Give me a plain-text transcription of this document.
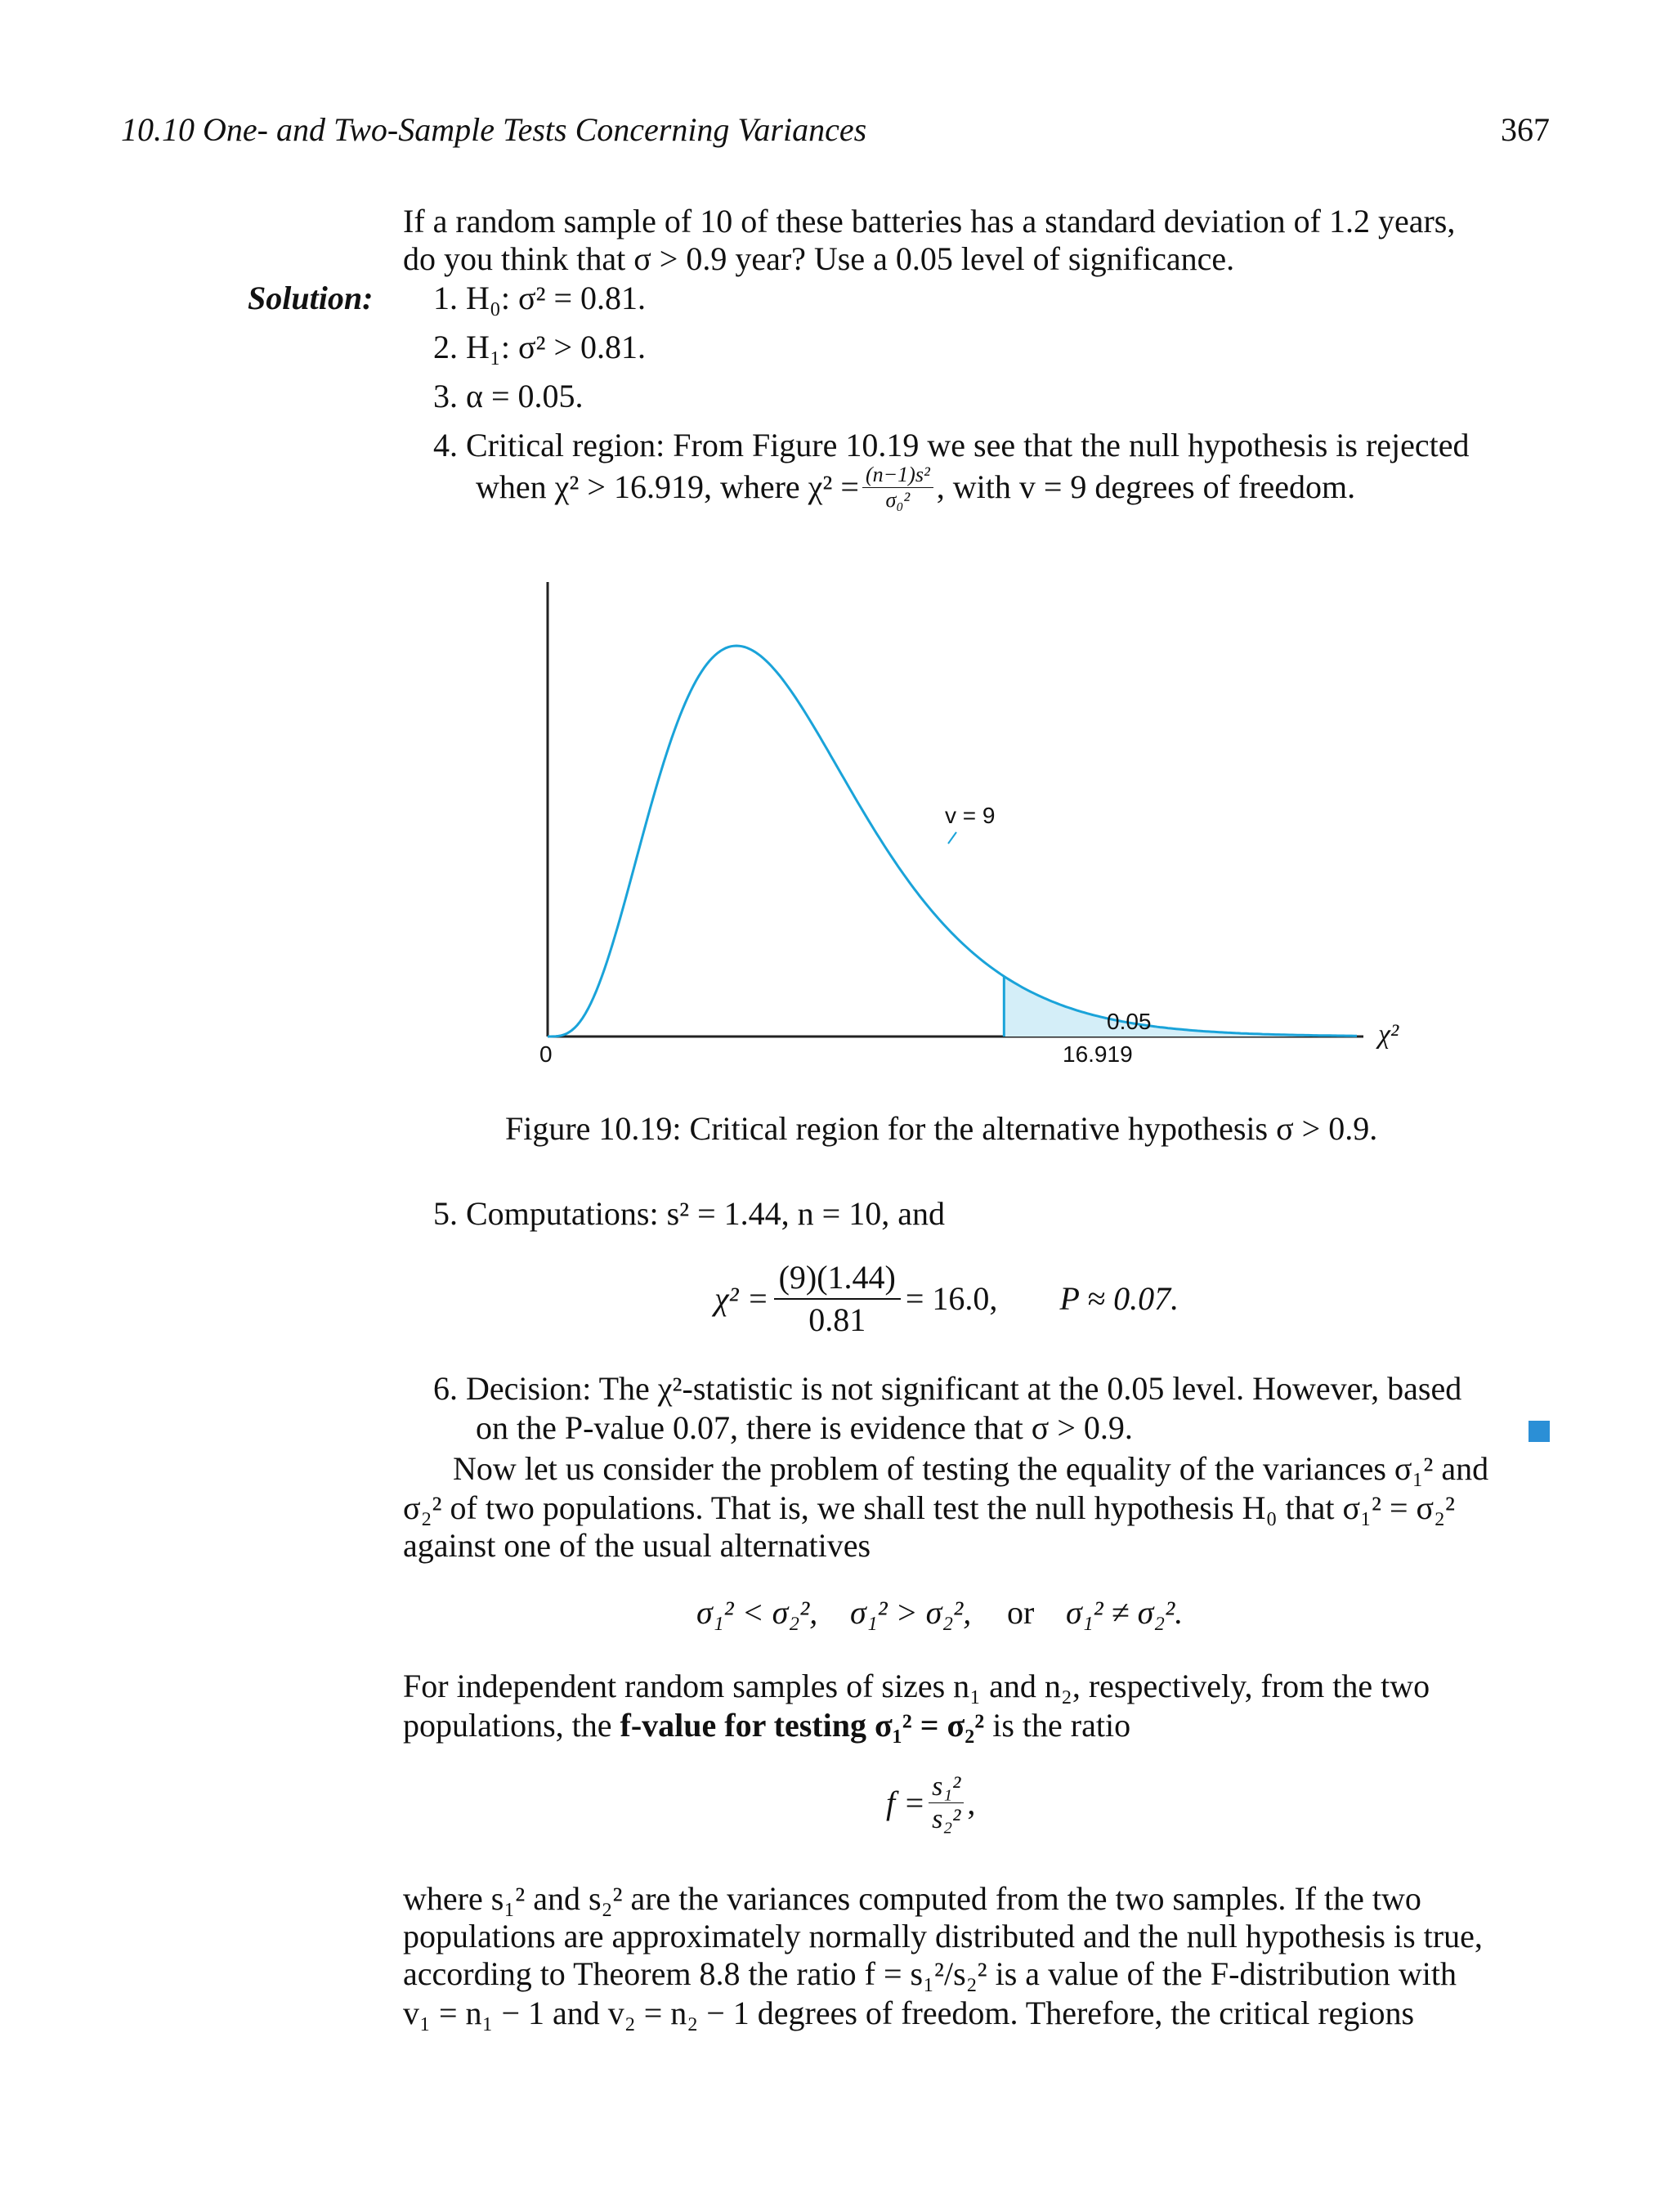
10.10 One- and Two-Sample Tests Concerning Variances	367
If a random sample of 10 of these batteries has a standard deviation of 1.2 years,
do you think that σ > 0.9 year? Use a 0.05 level of significance.
Solution: 1. H₀: σ² = 0.81.
2. H₁: σ² > 0.81.
3. α = 0.05.
4. Critical region: From Figure 10.19 we see that the null hypothesis is rejected
when χ² > 16.919, where $\chi^2 = \frac{\text{(n−1)s²}}{\text{σ₀²}}$ , with v = 9 degrees of freedom.
v = 9
0.05
16.919
0
χ²
Figure 10.19: Critical region for the alternative hypothesis σ > 0.9.
5. Computations: s² = 1.44, n = 10, and
$\chi^2 = \frac{(9)(1.44)}{0.81} = 16.0$, P ≈ 0.07.
6. Decision: The χ²-statistic is not significant at the 0.05 level. However, based
on the P-value 0.07, there is evidence that σ > 0.9.
Now let us consider the problem of testing the equality of the variances σ₁² and
σ₂² of two populations. That is, we shall test the null hypothesis H₀ that σ₁² = σ₂²
against one of the usual alternatives
σ₁² < σ₂², σ₁² > σ₂², or σ₁² ≠ σ₂².
For independent random samples of sizes n₁ and n₂, respectively, from the two
populations, the f-value for testing σ₁² = σ₂² is the ratio
$f = \frac{\text{s₁²}}{\text{s₂²}}$ ,
where s₁² and s₂² are the variances computed from the two samples. If the two
populations are approximately normally distributed and the null hypothesis is true,
according to Theorem 8.8 the ratio f = s₁²/s₂² is a value of the F-distribution with
v₁ = n₁ − 1 and v₂ = n₂ − 1 degrees of freedom. Therefore, the critical regions
